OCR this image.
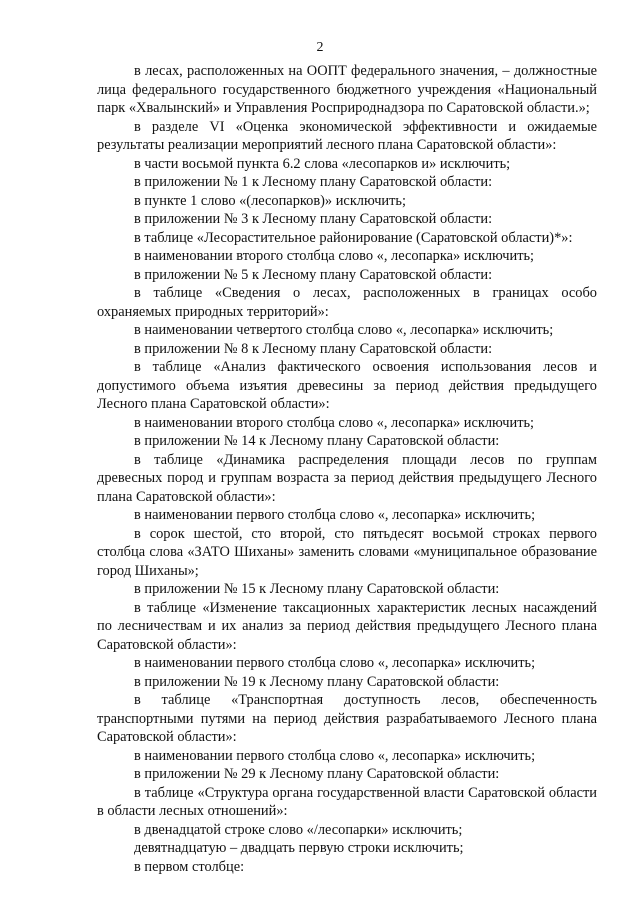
2

в лесах, расположенных на ООПТ федерального значения, – должностные лица федерального государственного бюджетного учреждения «Национальный парк «Хвалынский» и Управления Росприроднадзора по Саратовской области.»;

в разделе VI «Оценка экономической эффективности и ожидаемые результаты реализации мероприятий лесного плана Саратовской области»:

в части восьмой пункта 6.2 слова «лесопарков и» исключить;

в приложении № 1 к Лесному плану Саратовской области:

в пункте 1 слово «(лесопарков)» исключить;

в приложении № 3 к Лесному плану Саратовской области:

в таблице «Лесорастительное районирование (Саратовской области)*»:

в наименовании второго столбца слово «, лесопарка» исключить;

в приложении № 5 к Лесному плану Саратовской области:

в таблице «Сведения о лесах, расположенных в границах особо охраняемых природных территорий»:

в наименовании четвертого столбца слово «, лесопарка» исключить;

в приложении № 8 к Лесному плану Саратовской области:

в таблице «Анализ фактического освоения использования лесов и допустимого объема изъятия древесины за период действия предыдущего Лесного плана Саратовской области»:

в наименовании второго столбца слово «, лесопарка» исключить;

в приложении № 14 к Лесному плану Саратовской области:

в таблице «Динамика распределения площади лесов по группам древесных пород и группам возраста за период действия предыдущего Лесного плана Саратовской области»:

в наименовании первого столбца слово «, лесопарка» исключить;

в сорок шестой, сто второй, сто пятьдесят восьмой строках первого столбца слова «ЗАТО Шиханы» заменить словами «муниципальное образование город Шиханы»;

в приложении № 15 к Лесному плану Саратовской области:

в таблице «Изменение таксационных характеристик лесных насаждений по лесничествам и их анализ за период действия предыдущего Лесного плана Саратовской области»:

в наименовании первого столбца слово «, лесопарка» исключить;

в приложении № 19 к Лесному плану Саратовской области:

в таблице «Транспортная доступность лесов, обеспеченность транспортными путями на период действия разрабатываемого Лесного плана Саратовской области»:

в наименовании первого столбца слово «, лесопарка» исключить;

в приложении № 29 к Лесному плану Саратовской области:

в таблице «Структура органа государственной власти Саратовской области в области лесных отношений»:

в двенадцатой строке слово «/лесопарки» исключить;

девятнадцатую – двадцать первую строки исключить;

в первом столбце:
